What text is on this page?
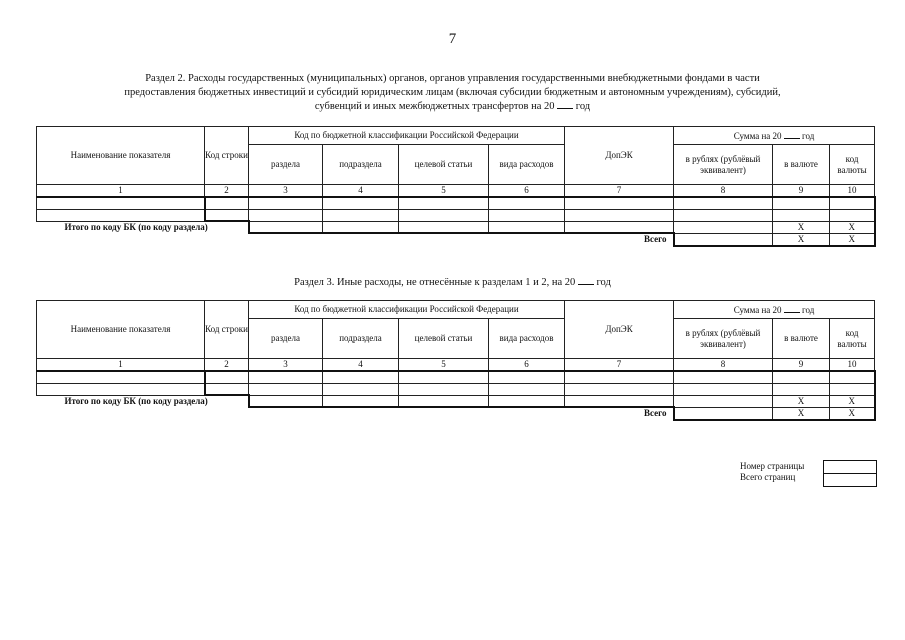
7
Раздел 2. Расходы государственных (муниципальных) органов, органов управления государственными внебюджетными фондами в части
предоставления бюджетных инвестиций и субсидий юридическим лицам (включая субсидии бюджетным и автономным учреждениям), субсидий,
субвенций и иных межбюджетных трансфертов на 20 год
Наименование показателя	Код строки	Код по бюджетной классификации Российской Федерации				ДопЭК	Сумма на 20 год		
		раздела	подраздела	целевой статьи	вида расходов		в рублях (рублёвый эквивалент)	в валюте	код валюты
1	2	3	4	5	6	7	8	9	10

Итого по коду БК (по коду раздела)								X	X
Всего								X	X
Раздел 3. Иные расходы, не отнесённые к разделам 1 и 2, на 20 год
Наименование показателя	Код строки	Код по бюджетной классификации Российской Федерации				ДопЭК	Сумма на 20 год		
		раздела	подраздела	целевой статьи	вида расходов		в рублях (рублёвый эквивалент)	в валюте	код валюты
1	2	3	4	5	6	7	8	9	10

Итого по коду БК (по коду раздела)								X	X
Всего								X	X
Номер страницы
Всего страниц
